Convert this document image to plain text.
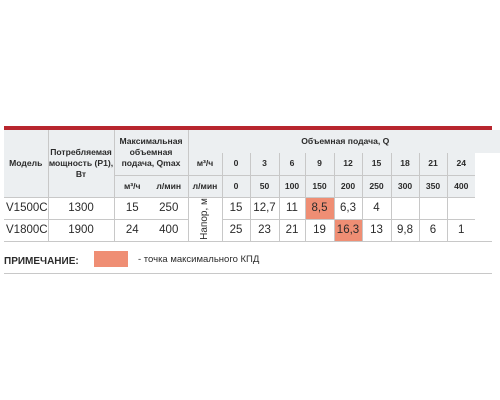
Модель	Потребляемая мощность (P1), Вт	Максимальная объемная подача, Qmax		Объемная подача, Q									
				м³/ч	0	3	6	9	12	15	18	21	24
		м³/ч	л/мин	л/мин	0	50	100	150	200	250	300	350	400
V1500C	1300	15	250	Напор, м	15	12,7	11	8,5	6,3	4			
V1800C	1900	24	400		25	23	21	19	16,3	13	9,8	6	1
ПРИМЕЧАНИЕ:	- точка максимального КПД
